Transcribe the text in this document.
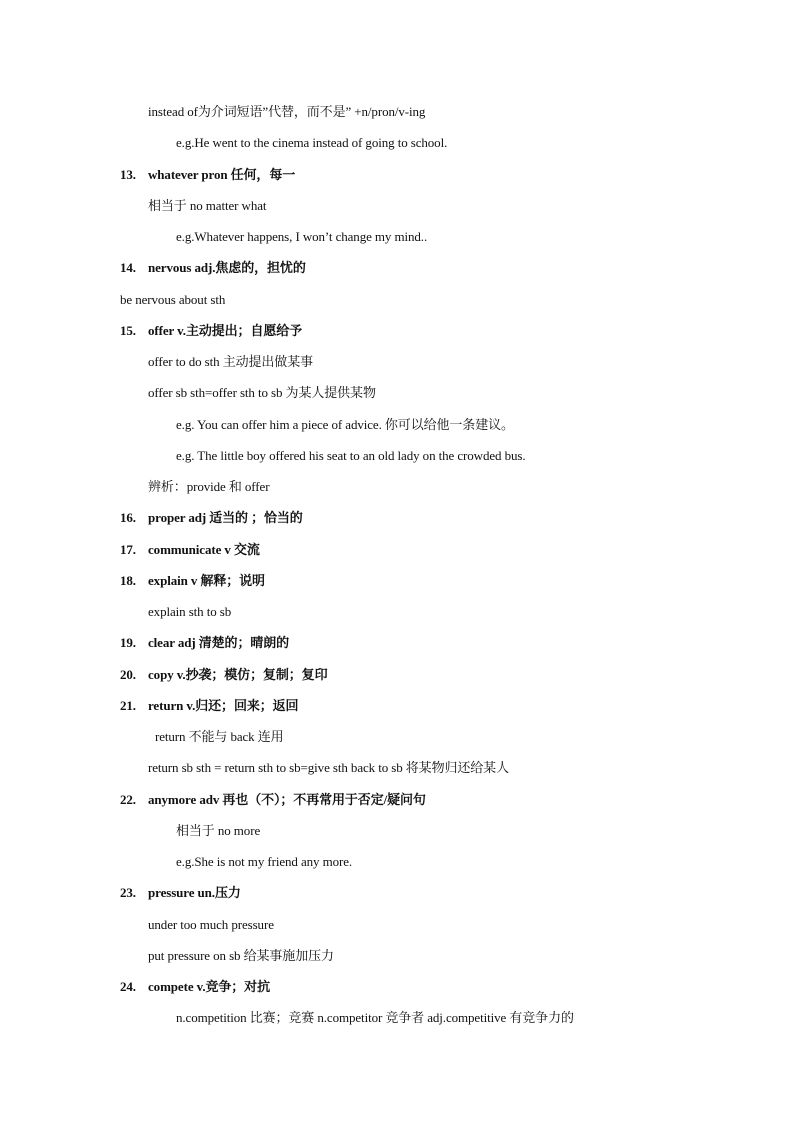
instead of为介词短语”代替，而不是” +n/pron/v-ing
e.g.He went to the cinema instead of going to school.
13. whatever pron 任何，每一
相当于 no matter what
e.g.Whatever happens, I won’t change my mind..
14. nervous adj.焦虑的，担忧的
be nervous about sth
15. offer v.主动提出；自愿给予
offer to do sth 主动提出做某事
offer sb sth=offer sth to sb 为某人提供某物
e.g. You can offer him a piece of advice. 你可以给他一条建议。
e.g. The little boy offered his seat to an old lady on the crowded bus.
辨析：provide 和 offer
16. proper adj 适当的 ；恰当的
17. communicate v 交流
18. explain v 解释；说明
explain sth to sb
19. clear adj 清楚的；晴朗的
20. copy v.抄袭；模仿；复制；复印
21. return v.归还；回来；返回
return 不能与 back 连用
return sb sth = return sth to sb=give sth back to sb 将某物归还给某人
22. anymore adv 再也（不）；不再常用于否定/疑问句
相当于 no more
e.g.She is not my friend any more.
23. pressure un.压力
under too much pressure
put pressure on sb 给某事施加压力
24. compete v.竞争；对抗
n.competition 比赛；竞赛 n.competitor 竞争者 adj.competitive 有竞争力的
